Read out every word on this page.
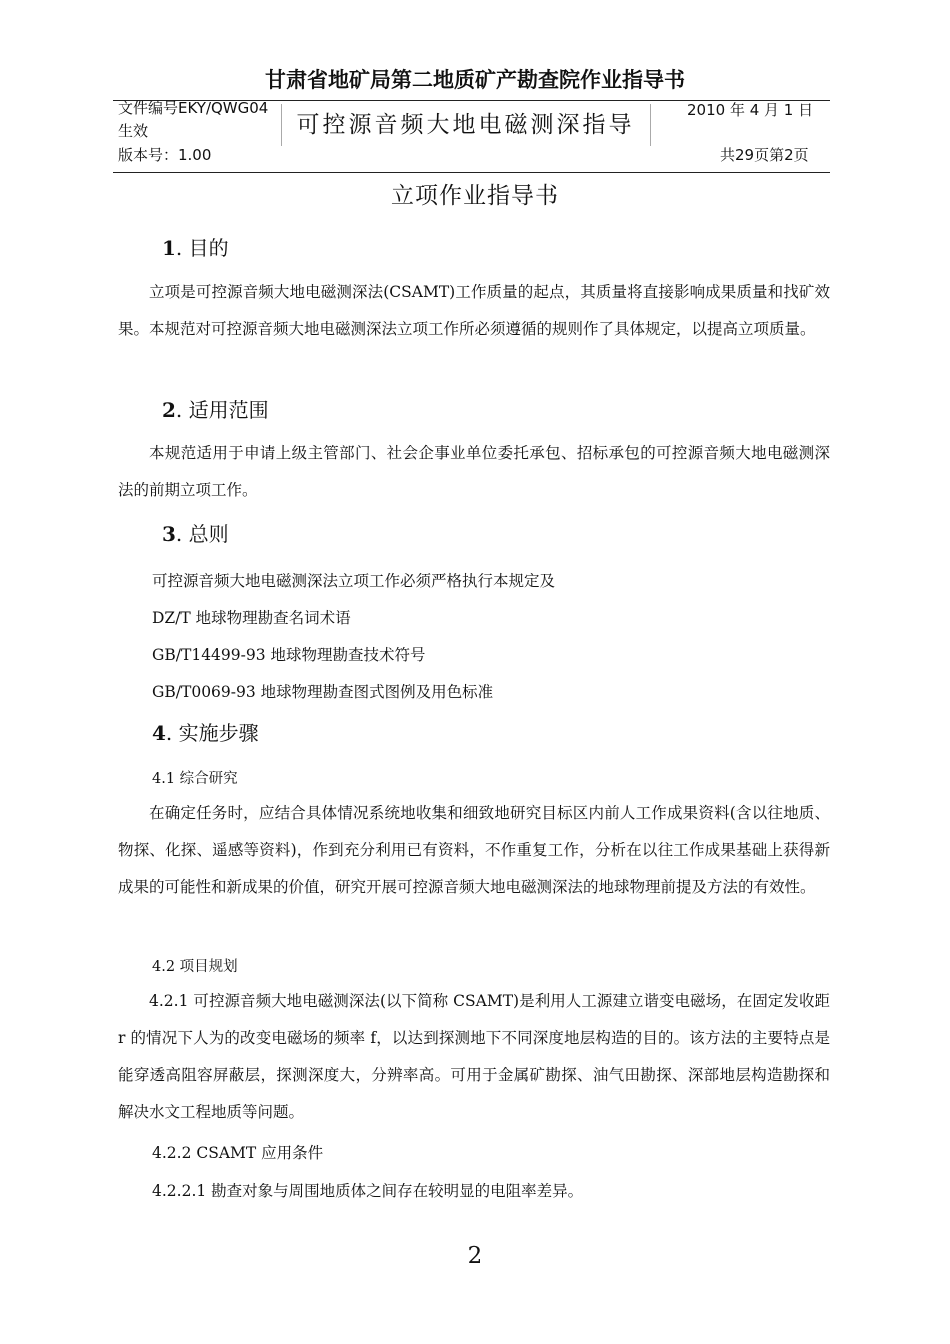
甘肃省地矿局第二地质矿产勘查院作业指导书
文件编号EKY/QWG04
生效
版本号：1.00
可控源音频大地电磁测深指导
2010 年 4 月 1 日
共29页第2页
立项作业指导书
1. 目的

立项是可控源音频大地电磁测深法(CSAMT)工作质量的起点，其质量将直接影响成果质量和找矿效果。本规范对可控源音频大地电磁测深法立项工作所必须遵循的规则作了具体规定，以提高立项质量。

2. 适用范围

本规范适用于申请上级主管部门、社会企事业单位委托承包、招标承包的可控源音频大地电磁测深法的前期立项工作。

3. 总则
可控源音频大地电磁测深法立项工作必须严格执行本规定及
DZ/T 地球物理勘查名词术语
GB/T14499-93 地球物理勘查技术符号
GB/T0069-93 地球物理勘查图式图例及用色标准
4. 实施步骤
4.1 综合研究

在确定任务时，应结合具体情况系统地收集和细致地研究目标区内前人工作成果资料(含以往地质、物探、化探、遥感等资料)，作到充分利用已有资料，不作重复工作，分析在以往工作成果基础上获得新成果的可能性和新成果的价值，研究开展可控源音频大地电磁测深法的地球物理前提及方法的有效性。

4.2 项目规划

4.2.1 可控源音频大地电磁测深法(以下简称 CSAMT)是利用人工源建立谐变电磁场，在固定发收距 r 的情况下人为的改变电磁场的频率 f，以达到探测地下不同深度地层构造的目的。该方法的主要特点是能穿透高阻容屏蔽层，探测深度大，分辨率高。可用于金属矿勘探、油气田勘探、深部地层构造勘探和解决水文工程地质等问题。

4.2.2 CSAMT 应用条件
4.2.2.1 勘查对象与周围地质体之间存在较明显的电阻率差异。
2
